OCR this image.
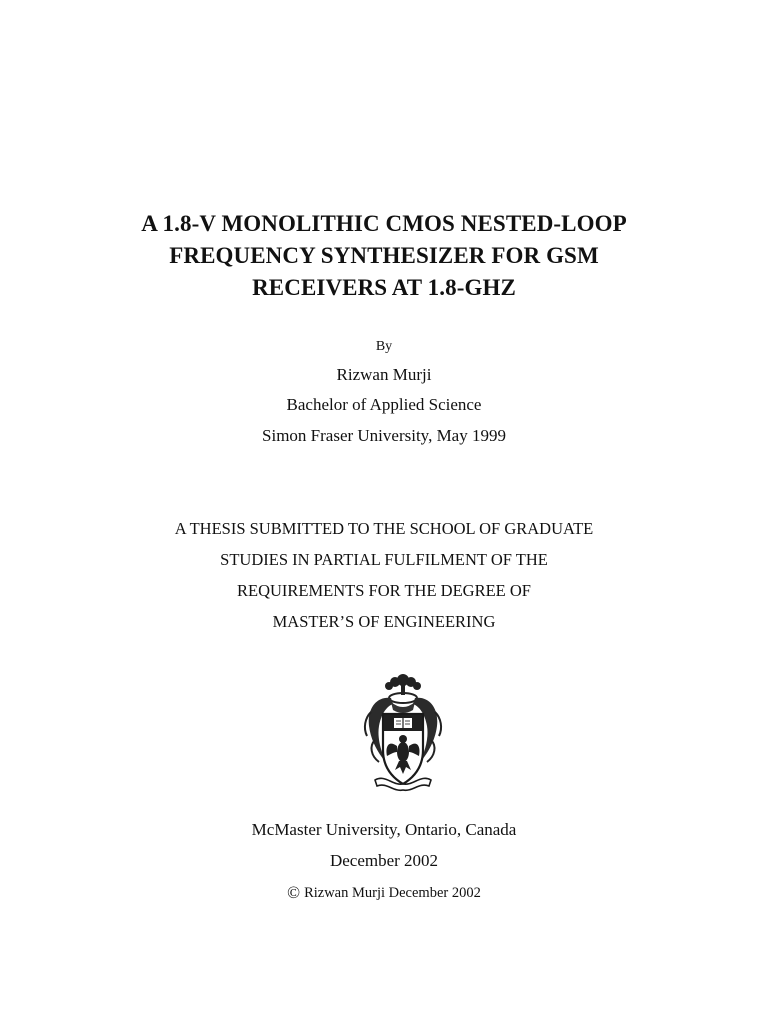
A 1.8-V MONOLITHIC CMOS NESTED-LOOP
FREQUENCY SYNTHESIZER FOR GSM
RECEIVERS AT 1.8-GHZ
By
Rizwan Murji
Bachelor of Applied Science
Simon Fraser University, May 1999
A THESIS SUBMITTED TO THE SCHOOL OF GRADUATE
STUDIES IN PARTIAL FULFILMENT OF THE
REQUIREMENTS FOR THE DEGREE OF
MASTER’S OF ENGINEERING
McMaster University, Ontario, Canada
December 2002
© Rizwan Murji December 2002
